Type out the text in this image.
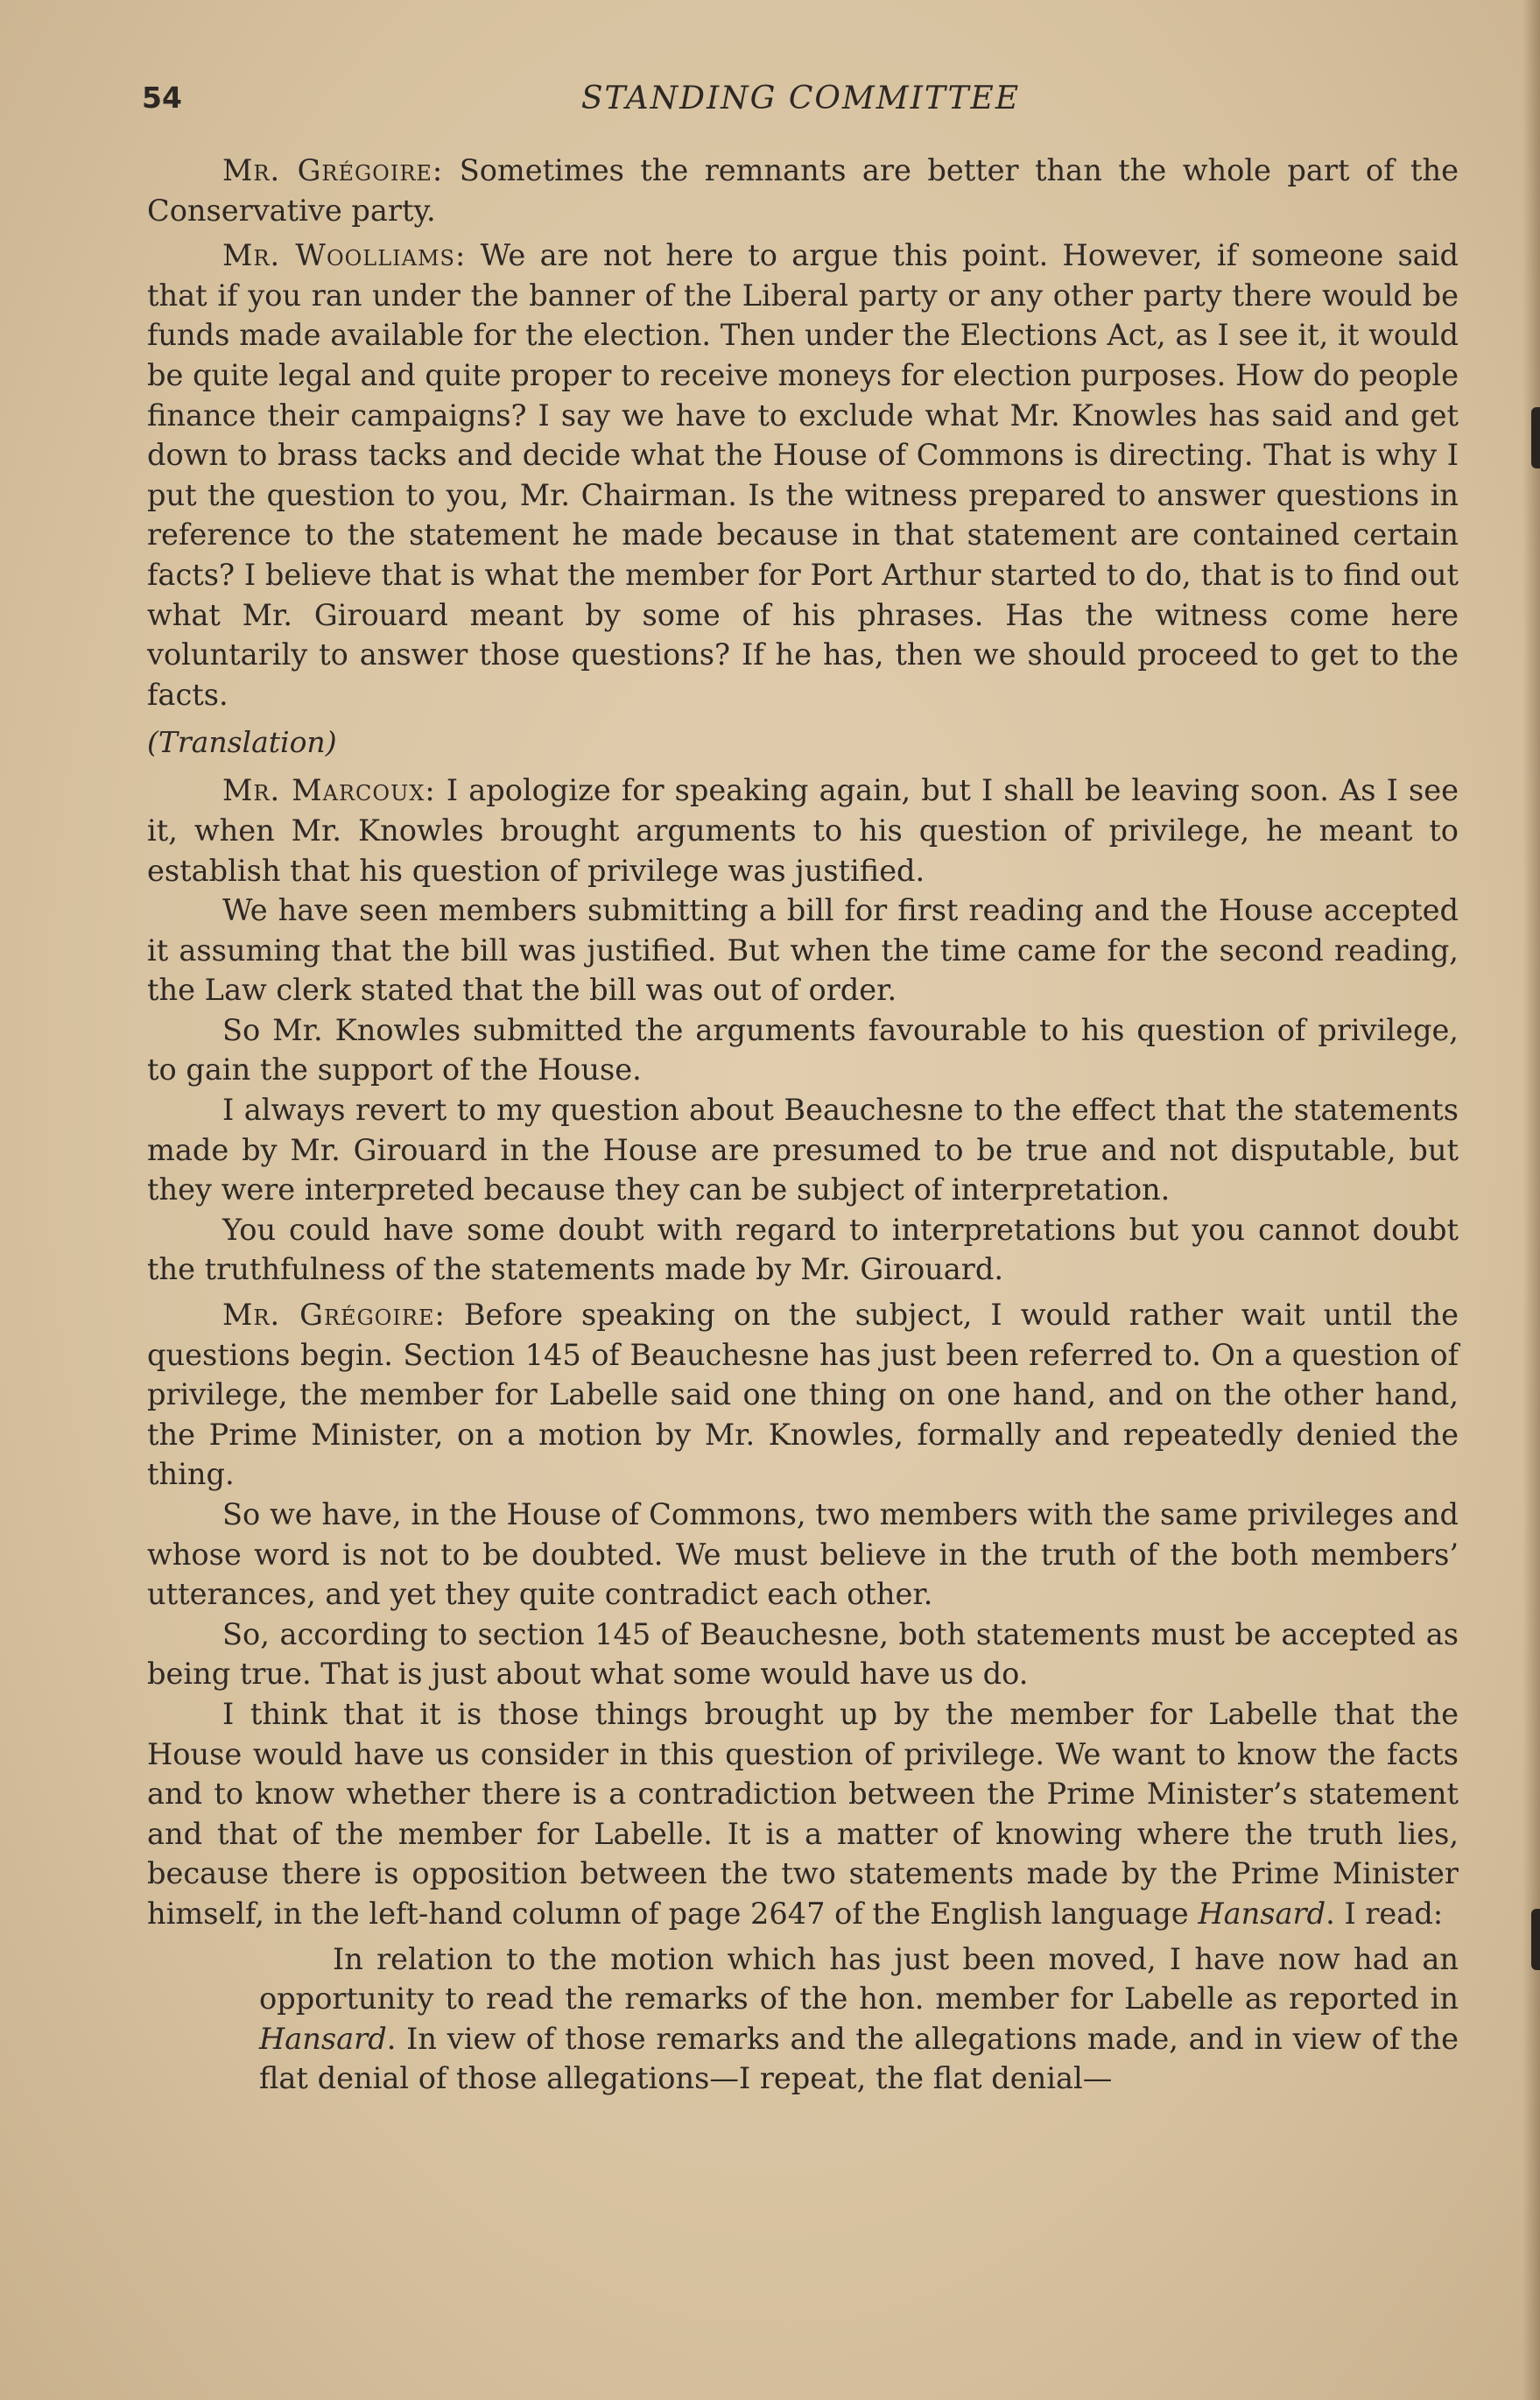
54	STANDING COMMITTEE

Mr. Grégoire: Sometimes the remnants are better than the whole part of the Conservative party.

Mr. Woolliams: We are not here to argue this point. However, if someone said that if you ran under the banner of the Liberal party or any other party there would be funds made available for the election. Then under the Elections Act, as I see it, it would be quite legal and quite proper to receive moneys for election purposes. How do people finance their campaigns? I say we have to exclude what Mr. Knowles has said and get down to brass tacks and decide what the House of Commons is directing. That is why I put the question to you, Mr. Chairman. Is the witness prepared to answer questions in reference to the statement he made because in that statement are contained certain facts? I believe that is what the member for Port Arthur started to do, that is to find out what Mr. Girouard meant by some of his phrases. Has the witness come here voluntarily to answer those questions? If he has, then we should proceed to get to the facts.

(Translation)

Mr. Marcoux: I apologize for speaking again, but I shall be leaving soon. As I see it, when Mr. Knowles brought arguments to his question of privilege, he meant to establish that his question of privilege was justified.

We have seen members submitting a bill for first reading and the House accepted it assuming that the bill was justified. But when the time came for the second reading, the Law clerk stated that the bill was out of order.

So Mr. Knowles submitted the arguments favourable to his question of privilege, to gain the support of the House.

I always revert to my question about Beauchesne to the effect that the statements made by Mr. Girouard in the House are presumed to be true and not disputable, but they were interpreted because they can be subject of interpretation.

You could have some doubt with regard to interpretations but you cannot doubt the truthfulness of the statements made by Mr. Girouard.

Mr. Grégoire: Before speaking on the subject, I would rather wait until the questions begin. Section 145 of Beauchesne has just been referred to. On a question of privilege, the member for Labelle said one thing on one hand, and on the other hand, the Prime Minister, on a motion by Mr. Knowles, formally and repeatedly denied the thing.

So we have, in the House of Commons, two members with the same privileges and whose word is not to be doubted. We must believe in the truth of the both members’ utterances, and yet they quite contradict each other.

So, according to section 145 of Beauchesne, both statements must be accepted as being true. That is just about what some would have us do.

I think that it is those things brought up by the member for Labelle that the House would have us consider in this question of privilege. We want to know the facts and to know whether there is a contradiction between the Prime Minister’s statement and that of the member for Labelle. It is a matter of knowing where the truth lies, because there is opposition between the two statements made by the Prime Minister himself, in the left-hand column of page 2647 of the English language Hansard. I read:

In relation to the motion which has just been moved, I have now had an opportunity to read the remarks of the hon. member for Labelle as reported in Hansard. In view of those remarks and the allegations made, and in view of the flat denial of those allegations—I repeat, the flat denial—
